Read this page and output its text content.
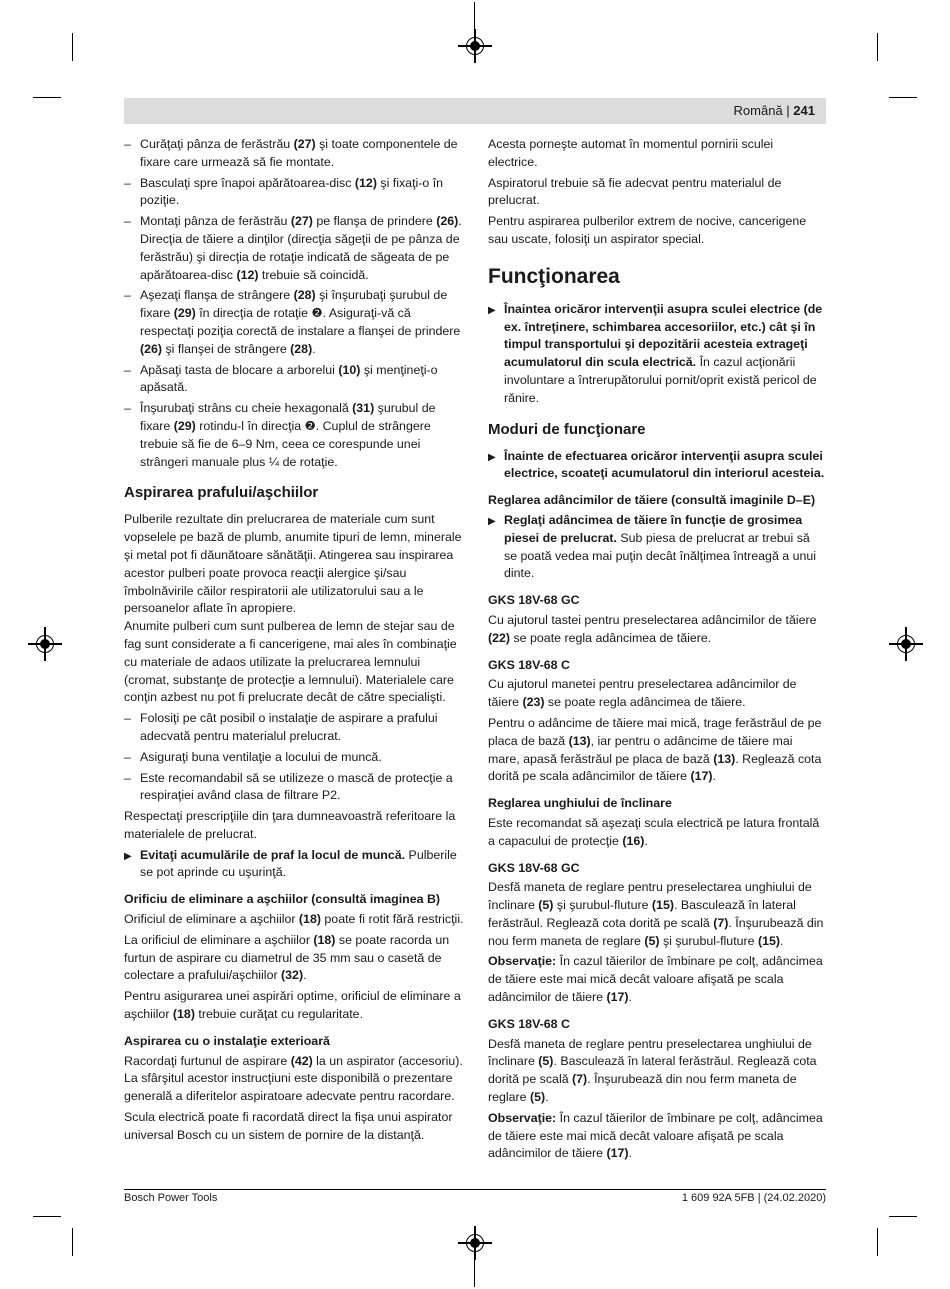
Română | 241
– Curăţaţi pânza de ferăstrău (27) şi toate componentele de fixare care urmează să fie montate.
– Basculaţi spre înapoi apărătoarea-disc (12) şi fixaţi-o în poziţie.
– Montaţi pânza de ferăstrău (27) pe flanşa de prindere (26). Direcţia de tăiere a dinţilor (direcţia săgeţii de pe pânza de ferăstrău) şi direcţia de rotaţie indicată de săgeata de pe apărătoarea-disc (12) trebuie să coincidă.
– Aşezaţi flanşa de strângere (28) şi înşurubaţi şurubul de fixare (29) în direcţia de rotaţie ❷. Asiguraţi-vă că respectaţi poziţia corectă de instalare a flanşei de prindere (26) şi flanşei de strângere (28).
– Apăsaţi tasta de blocare a arborelui (10) şi menţineţi-o apăsată.
– Înşurubaţi strâns cu cheie hexagonală (31) şurubul de fixare (29) rotindu-l în direcţia ❷. Cuplul de strângere trebuie să fie de 6–9 Nm, ceea ce corespunde unei strângeri manuale plus ¼ de rotaţie.
Aspirarea prafului/aşchiilor

Pulberile rezultate din prelucrarea de materiale cum sunt vopselele pe bază de plumb, anumite tipuri de lemn, minerale şi metal pot fi dăunătoare sănătăţii. Atingerea sau inspirarea acestor pulberi poate provoca reacţii alergice şi/sau îmbolnăvirile căilor respiratorii ale utilizatorului sau a le persoanelor aflate în apropiere.

Anumite pulberi cum sunt pulberea de lemn de stejar sau de fag sunt considerate a fi cancerigene, mai ales în combinaţie cu materiale de adaos utilizate la prelucrarea lemnului (cromat, substanţe de protecţie a lemnului). Materialele care conţin azbest nu pot fi prelucrate decât de către specialişti.

– Folosiţi pe cât posibil o instalaţie de aspirare a prafului adecvată pentru materialul prelucrat.
– Asiguraţi buna ventilaţie a locului de muncă.
– Este recomandabil să se utilizeze o mască de protecţie a respiraţiei având clasa de filtrare P2.

Respectaţi prescripţiile din ţara dumneavoastră referitoare la materialele de prelucrat.

▶ Evitaţi acumulările de praf la locul de muncă. Pulberile se pot aprinde cu uşurinţă.
Orificiu de eliminare a aşchiilor (consultă imaginea B)

Orificiul de eliminare a aşchiilor (18) poate fi rotit fără restricţii.

La orificiul de eliminare a aşchiilor (18) se poate racorda un furtun de aspirare cu diametrul de 35 mm sau o casetă de colectare a prafului/aşchiilor (32).

Pentru asigurarea unei aspirări optime, orificiul de eliminare a aşchiilor (18) trebuie curăţat cu regularitate.

Aspirarea cu o instalaţie exterioară

Racordaţi furtunul de aspirare (42) la un aspirator (accesoriu). La sfârşitul acestor instrucţiuni este disponibilă o prezentare generală a diferitelor aspiratoare adecvate pentru racordare.

Scula electrică poate fi racordată direct la fişa unui aspirator universal Bosch cu un sistem de pornire de la distanţă.

Acesta porneşte automat în momentul pornirii sculei electrice.

Aspiratorul trebuie să fie adecvat pentru materialul de prelucrat.

Pentru aspirarea pulberilor extrem de nocive, cancerigene sau uscate, folosiţi un aspirator special.

Funcţionarea
▶ Înaintea oricăror intervenţii asupra sculei electrice (de ex. întreţinere, schimbarea accesoriilor, etc.) cât şi în timpul transportului şi depozitării acesteia extrageţi acumulatorul din scula electrică. În cazul acţionării involuntare a întrerupătorului pornit/oprit există pericol de rănire.
Moduri de funcţionare
▶ Înainte de efectuarea oricăror intervenţii asupra sculei electrice, scoateţi acumulatorul din interiorul acesteia.
Reglarea adâncimilor de tăiere (consultă imaginile D–E)
▶ Reglaţi adâncimea de tăiere în funcţie de grosimea piesei de prelucrat. Sub piesa de prelucrat ar trebui să se poată vedea mai puţin decât înălţimea întreagă a unui dinte.
GKS 18V-68 GC

Cu ajutorul tastei pentru preselectarea adâncimilor de tăiere (22) se poate regla adâncimea de tăiere.

GKS 18V-68 C

Cu ajutorul manetei pentru preselectarea adâncimilor de tăiere (23) se poate regla adâncimea de tăiere.

Pentru o adâncime de tăiere mai mică, trage ferăstrăul de pe placa de bază (13), iar pentru o adâncime de tăiere mai mare, apasă ferăstrăul pe placa de bază (13). Reglează cota dorită pe scala adâncimilor de tăiere (17).

Reglarea unghiului de înclinare

Este recomandat să aşezaţi scula electrică pe latura frontală a capacului de protecţie (16).

GKS 18V-68 GC

Desfă maneta de reglare pentru preselectarea unghiului de înclinare (5) şi şurubul-fluture (15). Basculează în lateral ferăstrăul. Reglează cota dorită pe scală (7). Înşurubează din nou ferm maneta de reglare (5) şi şurubul-fluture (15).

Observaţie: În cazul tăierilor de îmbinare pe colţ, adâncimea de tăiere este mai mică decât valoare afişată pe scala adâncimilor de tăiere (17).

GKS 18V-68 C

Desfă maneta de reglare pentru preselectarea unghiului de înclinare (5). Basculează în lateral ferăstrăul. Reglează cota dorită pe scală (7). Înşurubează din nou ferm maneta de reglare (5).

Observaţie: În cazul tăierilor de îmbinare pe colţ, adâncimea de tăiere este mai mică decât valoare afişată pe scala adâncimilor de tăiere (17).

Bosch Power Tools	1 609 92A 5FB | (24.02.2020)
